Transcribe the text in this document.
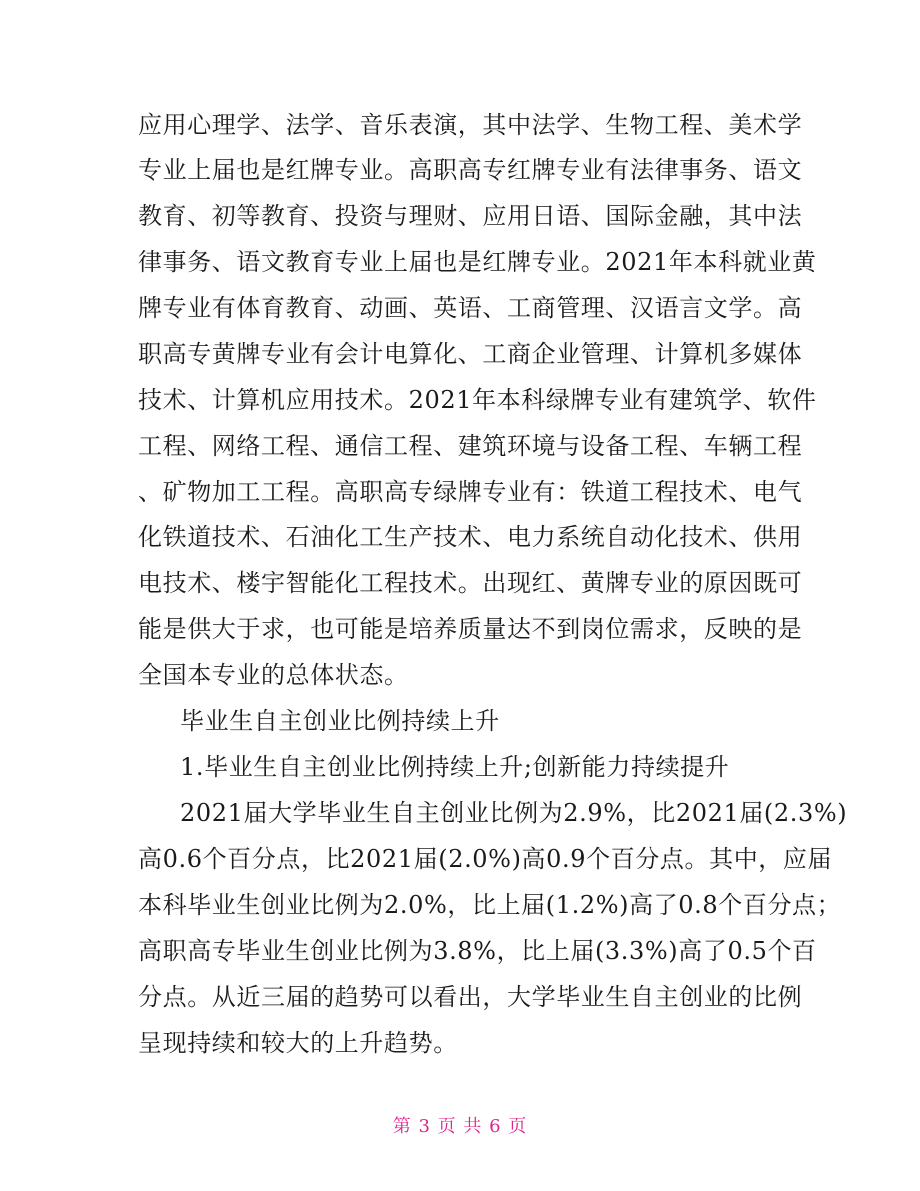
应用心理学、法学、音乐表演，其中法学、生物工程、美术学
专业上届也是红牌专业。高职高专红牌专业有法律事务、语文
教育、初等教育、投资与理财、应用日语、国际金融，其中法
律事务、语文教育专业上届也是红牌专业。2021年本科就业黄
牌专业有体育教育、动画、英语、工商管理、汉语言文学。高
职高专黄牌专业有会计电算化、工商企业管理、计算机多媒体
技术、计算机应用技术。2021年本科绿牌专业有建筑学、软件
工程、网络工程、通信工程、建筑环境与设备工程、车辆工程
、矿物加工工程。高职高专绿牌专业有：铁道工程技术、电气
化铁道技术、石油化工生产技术、电力系统自动化技术、供用
电技术、楼宇智能化工程技术。出现红、黄牌专业的原因既可
能是供大于求，也可能是培养质量达不到岗位需求，反映的是
全国本专业的总体状态。
毕业生自主创业比例持续上升
1.毕业生自主创业比例持续上升;创新能力持续提升
2021届大学毕业生自主创业比例为2.9%，比2021届(2.3%)
高0.6个百分点，比2021届(2.0%)高0.9个百分点。其中，应届
本科毕业生创业比例为2.0%，比上届(1.2%)高了0.8个百分点；
高职高专毕业生创业比例为3.8%，比上届(3.3%)高了0.5个百
分点。从近三届的趋势可以看出，大学毕业生自主创业的比例
呈现持续和较大的上升趋势。
第 3 页 共 6 页
